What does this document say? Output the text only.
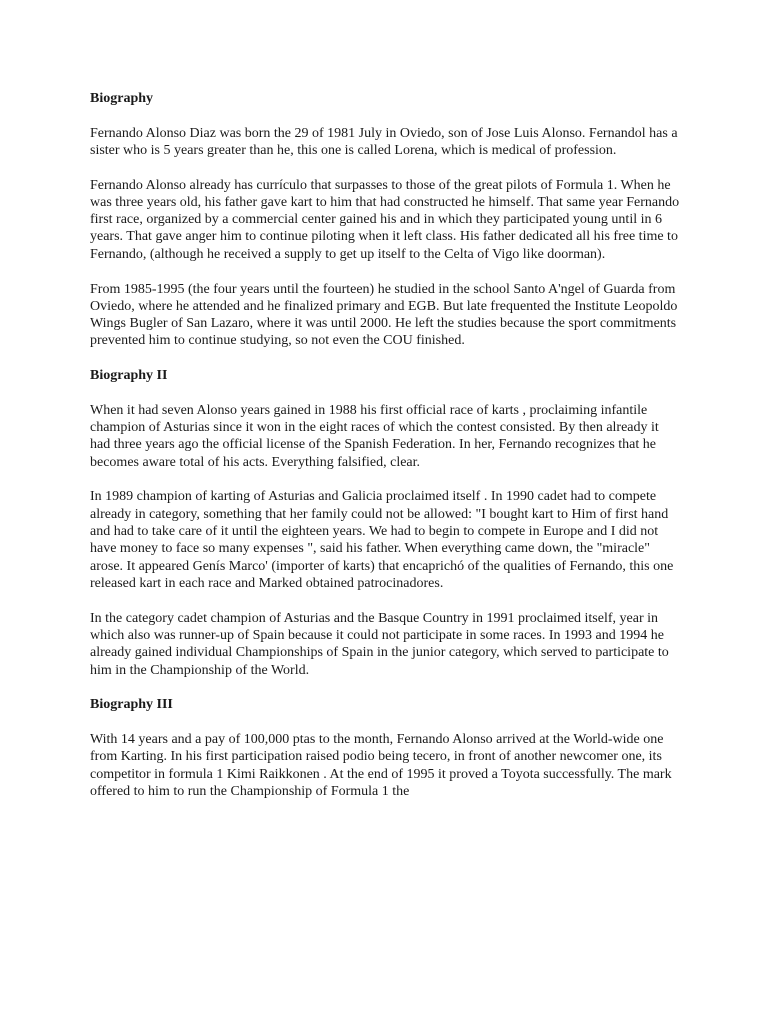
Biography

Fernando Alonso Diaz was born the 29 of 1981 July in Oviedo, son of Jose Luis Alonso. Fernandol has a sister who is 5 years greater than he, this one is called Lorena, which is medical of profession.

Fernando Alonso already has currículo that surpasses to those of the great pilots of Formula 1. When he was three years old, his father gave kart to him that had constructed he himself. That same year Fernando first race, organized by a commercial center gained his and in which they participated young until in 6 years. That gave anger him to continue piloting when it left class. His father dedicated all his free time to Fernando, (although he received a supply to get up itself to the Celta of Vigo like doorman).

From 1985-1995 (the four years until the fourteen) he studied in the school Santo A'ngel of Guarda from Oviedo, where he attended and he finalized primary and EGB. But late frequented the Institute Leopoldo Wings Bugler of San Lazaro, where it was until 2000. He left the studies because the sport commitments prevented him to continue studying, so not even the COU finished.

Biography II

When it had seven Alonso years gained in 1988 his first official race of karts , proclaiming infantile champion of Asturias since it won in the eight races of which the contest consisted. By then already it had three years ago the official license of the Spanish Federation. In her, Fernando recognizes that he becomes aware total of his acts. Everything falsified, clear.

In 1989 champion of karting of Asturias and Galicia proclaimed itself . In 1990 cadet had to compete already in category, something that her family could not be allowed: "I bought kart to Him of first hand and had to take care of it until the eighteen years. We had to begin to compete in Europe and I did not have money to face so many expenses ", said his father. When everything came down, the "miracle" arose. It appeared Genís Marco' (importer of karts) that encaprichó of the qualities of Fernando, this one released kart in each race and Marked obtained patrocinadores.

In the category cadet champion of Asturias and the Basque Country in 1991 proclaimed itself, year in which also was runner-up of Spain because it could not participate in some races. In 1993 and 1994 he already gained individual Championships of Spain in the junior category, which served to participate to him in the Championship of the World.

Biography III

With 14 years and a pay of 100,000 ptas to the month, Fernando Alonso arrived at the World-wide one from Karting. In his first participation raised podio being tecero, in front of another newcomer one, its competitor in formula 1 Kimi Raikkonen . At the end of 1995 it proved a Toyota successfully. The mark offered to him to run the Championship of Formula 1 the
